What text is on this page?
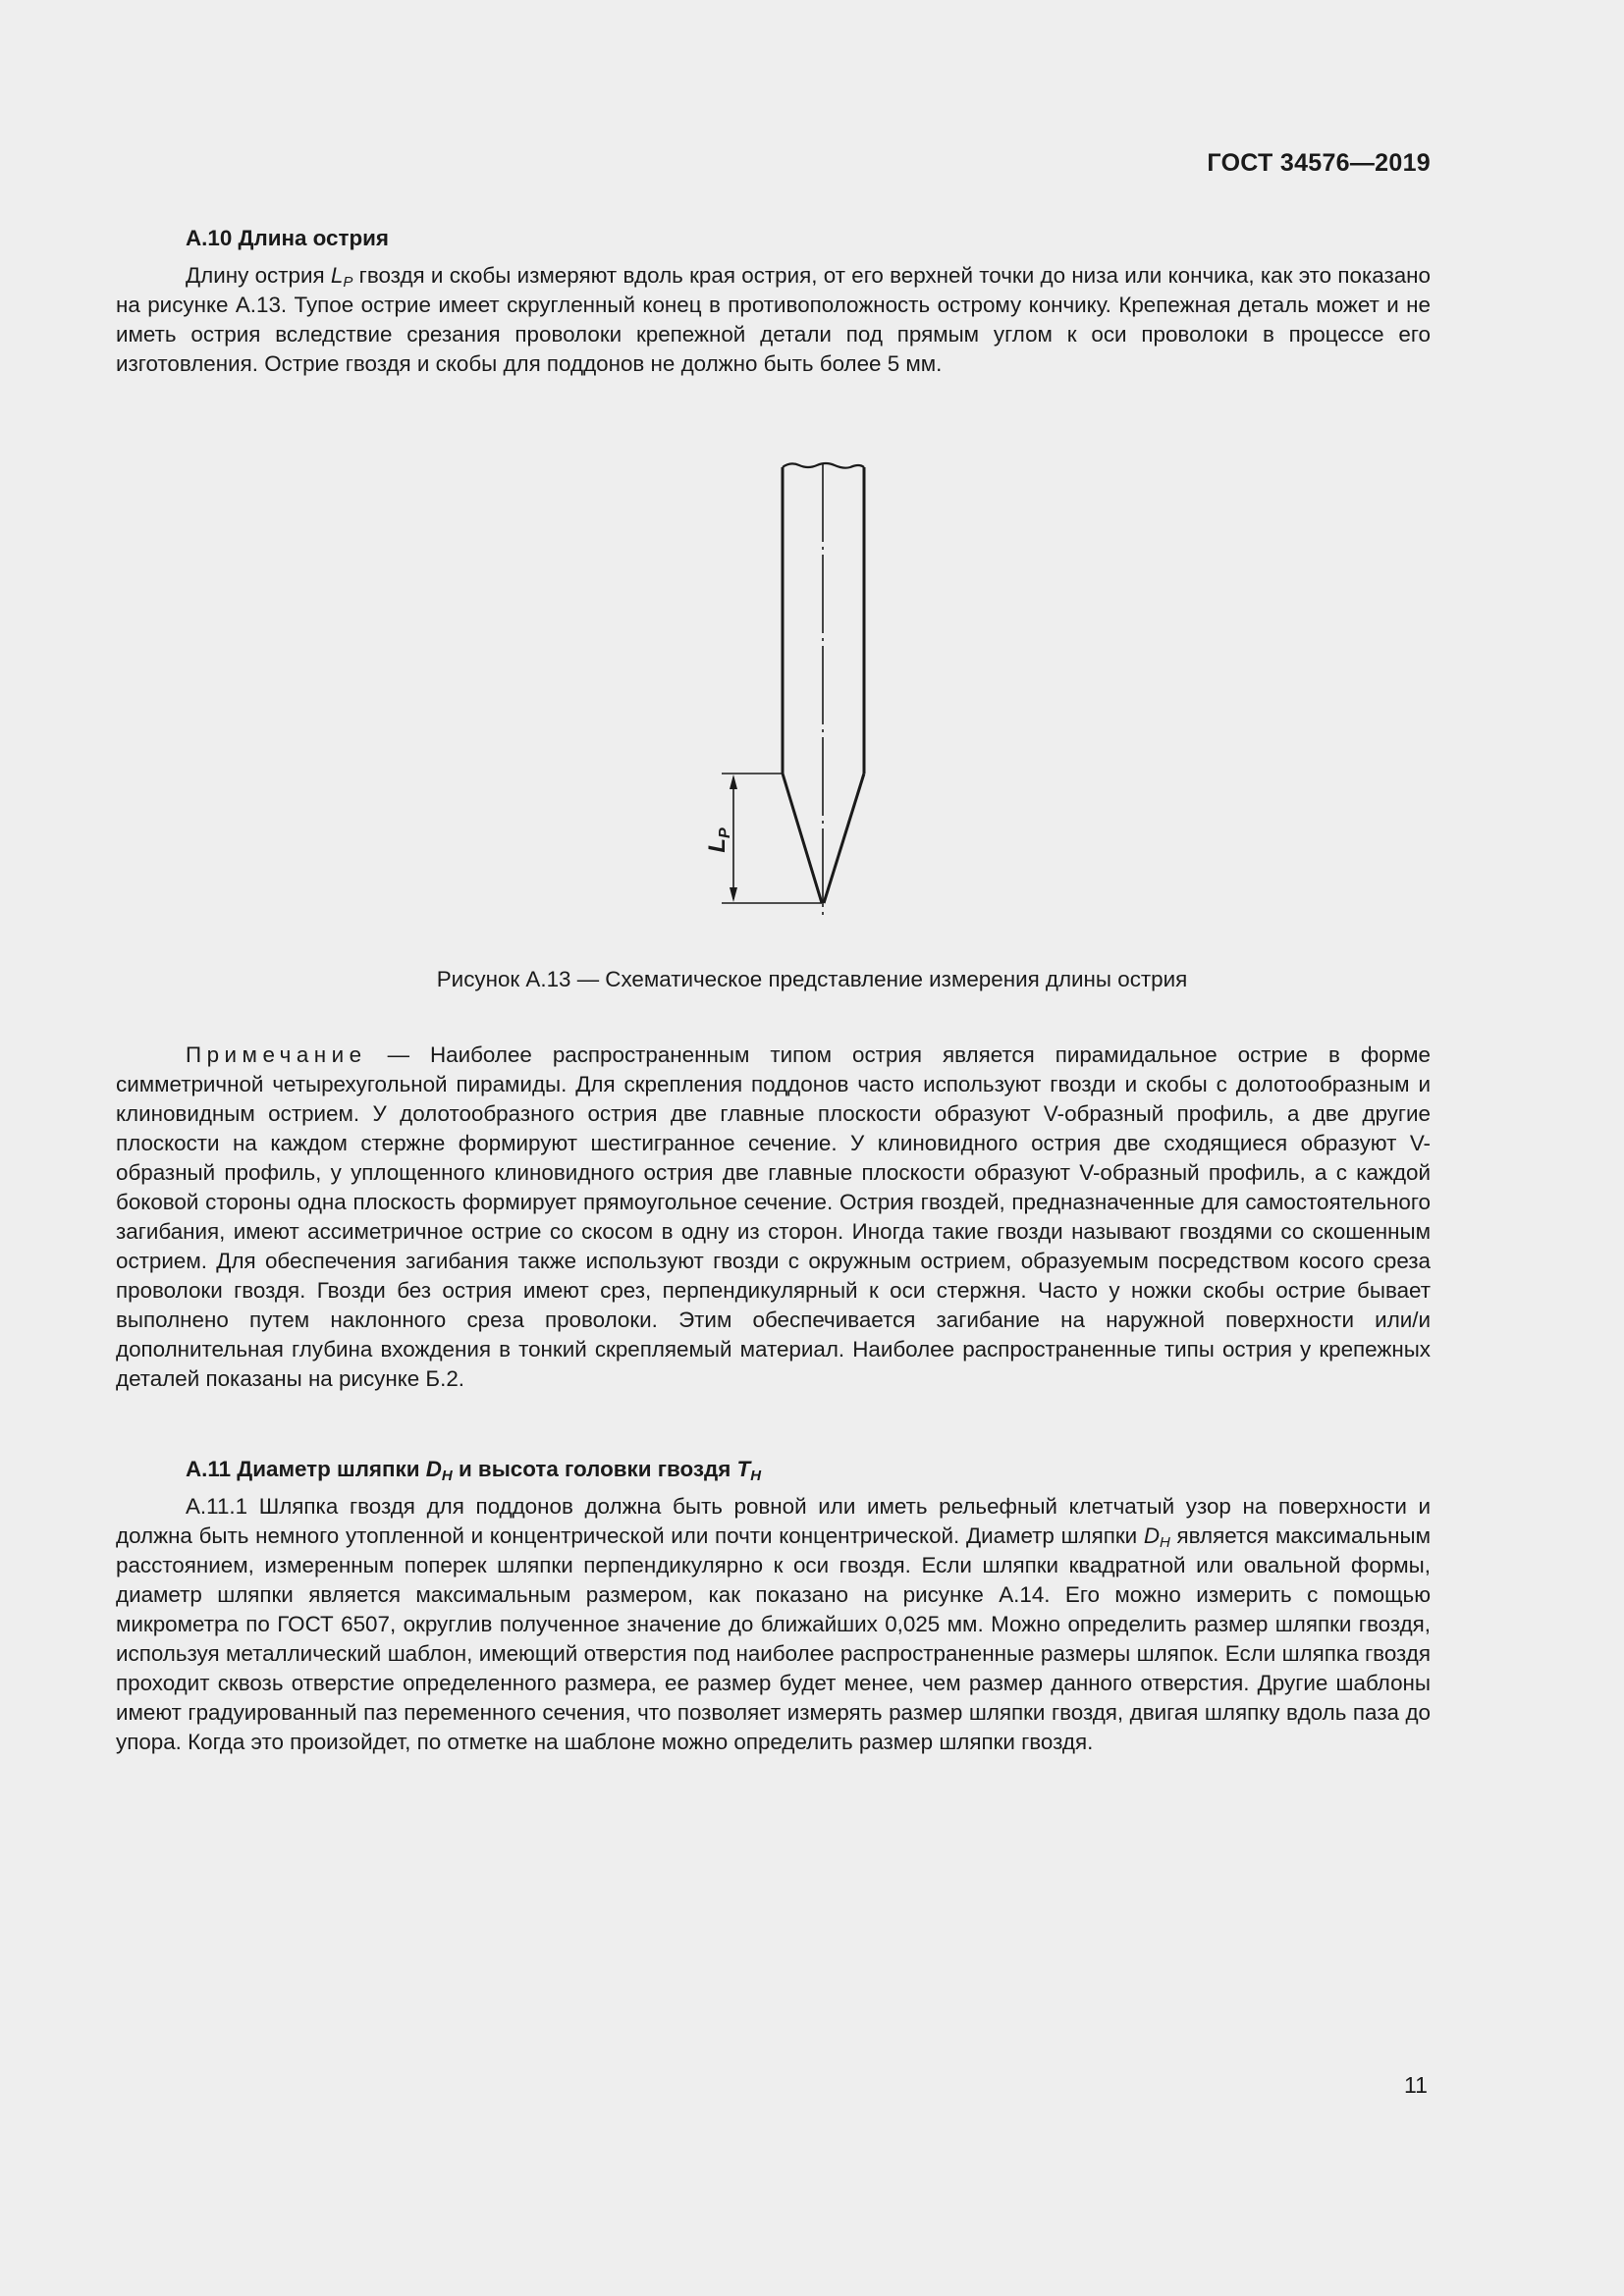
ГОСТ 34576—2019
А.10 Длина острия

Длину острия $L_P$ гвоздя и скобы измеряют вдоль края острия, от его верхней точки до низа или кончика, как это показано на рисунке А.13. Тупое острие имеет скругленный конец в противоположность острому кончику. Крепежная деталь может и не иметь острия вследствие срезания проволоки крепежной детали под прямым углом к оси проволоки в процессе его изготовления. Острие гвоздя и скобы для поддонов не должно быть более 5 мм.

$L_P$
Рисунок А.13 — Схематическое представление измерения длины острия

Примечание — Наиболее распространенным типом острия является пирамидальное острие в форме симметричной четырехугольной пирамиды. Для скрепления поддонов часто используют гвозди и скобы с долотообразным и клиновидным острием. У долотообразного острия две главные плоскости образуют V-образный профиль, а две другие плоскости на каждом стержне формируют шестигранное сечение. У клиновидного острия две сходящиеся образуют V-образный профиль, у уплощенного клиновидного острия две главные плоскости образуют V-образный профиль, а с каждой боковой стороны одна плоскость формирует прямоугольное сечение. Острия гвоздей, предназначенные для самостоятельного загибания, имеют ассиметричное острие со скосом в одну из сторон. Иногда такие гвозди называют гвоздями со скошенным острием. Для обеспечения загибания также используют гвозди с окружным острием, образуемым посредством косого среза проволоки гвоздя. Гвозди без острия имеют срез, перпендикулярный к оси стержня. Часто у ножки скобы острие бывает выполнено путем наклонного среза проволоки. Этим обеспечивается загибание на наружной поверхности или/и дополнительная глубина вхождения в тонкий скрепляемый материал. Наиболее распространенные типы острия у крепежных деталей показаны на рисунке Б.2.

А.11 Диаметр шляпки $D_H$ и высота головки гвоздя $T_H$

А.11.1 Шляпка гвоздя для поддонов должна быть ровной или иметь рельефный клетчатый узор на поверхности и должна быть немного утопленной и концентрической или почти концентрической. Диаметр шляпки $D_H$ является максимальным расстоянием, измеренным поперек шляпки перпендикулярно к оси гвоздя. Если шляпки квадратной или овальной формы, диаметр шляпки является максимальным размером, как показано на рисунке А.14. Его можно измерить с помощью микрометра по ГОСТ 6507, округлив полученное значение до ближайших 0,025 мм. Можно определить размер шляпки гвоздя, используя металлический шаблон, имеющий отверстия под наиболее распространенные размеры шляпок. Если шляпка гвоздя проходит сквозь отверстие определенного размера, ее размер будет менее, чем размер данного отверстия. Другие шаблоны имеют градуированный паз переменного сечения, что позволяет измерять размер шляпки гвоздя, двигая шляпку вдоль паза до упора. Когда это произойдет, по отметке на шаблоне можно определить размер шляпки гвоздя.

11
